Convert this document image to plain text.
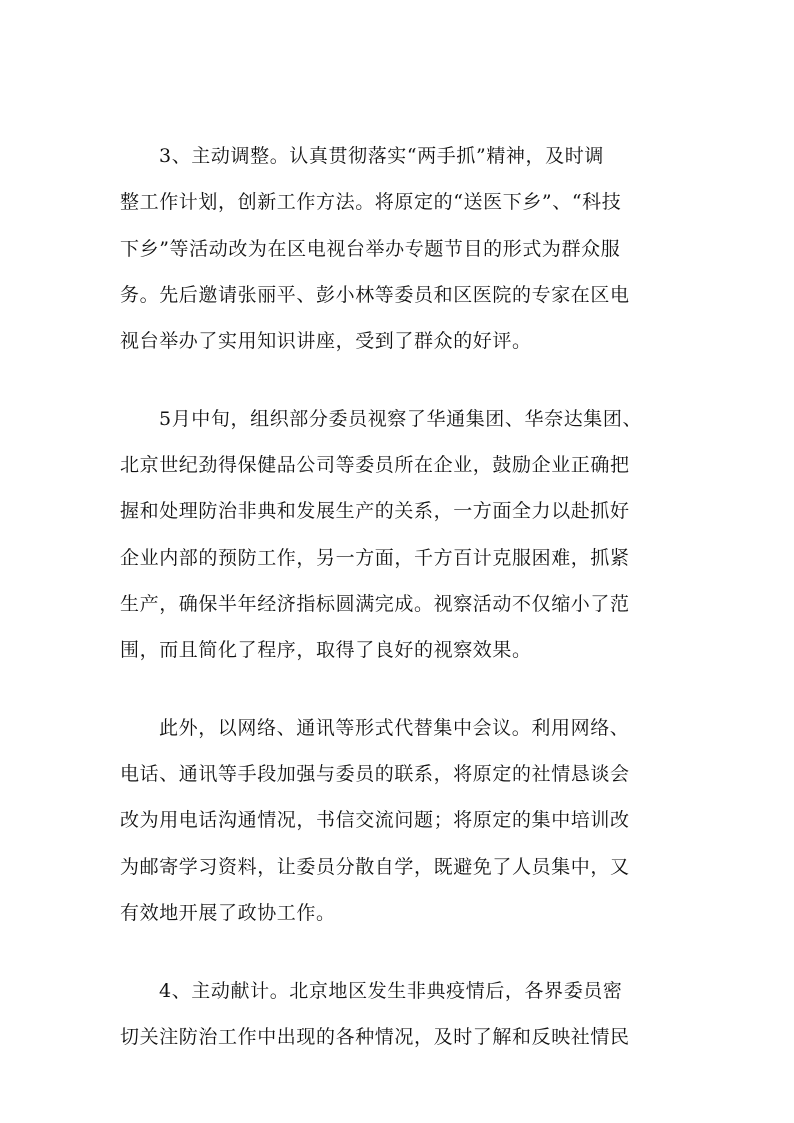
3、主动调整。认真贯彻落实“两手抓”精神，及时调
整工作计划，创新工作方法。将原定的“送医下乡”、“科技
下乡”等活动改为在区电视台举办专题节目的形式为群众服
务。先后邀请张丽平、彭小林等委员和区医院的专家在区电
视台举办了实用知识讲座，受到了群众的好评。
5月中旬，组织部分委员视察了华通集团、华奈达集团、
北京世纪劲得保健品公司等委员所在企业，鼓励企业正确把
握和处理防治非典和发展生产的关系，一方面全力以赴抓好
企业内部的预防工作，另一方面，千方百计克服困难，抓紧
生产，确保半年经济指标圆满完成。视察活动不仅缩小了范
围，而且简化了程序，取得了良好的视察效果。
此外，以网络、通讯等形式代替集中会议。利用网络、
电话、通讯等手段加强与委员的联系，将原定的社情恳谈会
改为用电话沟通情况，书信交流问题；将原定的集中培训改
为邮寄学习资料，让委员分散自学，既避免了人员集中，又
有效地开展了政协工作。
4、主动献计。北京地区发生非典疫情后，各界委员密
切关注防治工作中出现的各种情况，及时了解和反映社情民
